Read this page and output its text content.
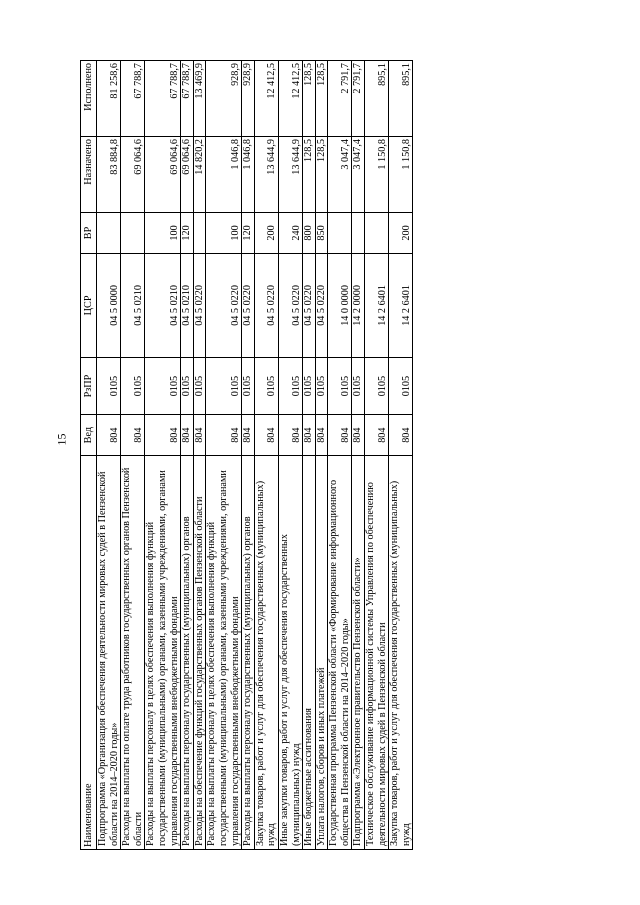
15
Наименование	Вед	РзПР	ЦСР	ВР	Назначено	Исполнено
Подпрограмма «Организация обеспечения деятельности мировых судей в Пензенской области на 2014–2020 годы»	804	0105	04 5 0000		83 884,8	81 258,6
Расходы на выплаты по оплате труда работников государственных органов Пензенской области	804	0105	04 5 0210		69 064,6	67 788,7
Расходы на выплаты персоналу в целях обеспечения выполнения функций государственными (муниципальными) органами, казенными учреждениями, органами управления государственными внебюджетными фондами	804	0105	04 5 0210	100	69 064,6	67 788,7
Расходы на выплаты персоналу государственных (муниципальных) органов	804	0105	04 5 0210	120	69 064,6	67 788,7
Расходы на обеспечение функций государственных органов Пензенской области	804	0105	04 5 0220		14 820,2	13 469,9
Расходы на выплаты персоналу в целях обеспечения выполнения функций государственными (муниципальными) органами, казенными учреждениями, органами управления государственными внебюджетными фондами	804	0105	04 5 0220	100	1 046,8	928,9
Расходы на выплаты персоналу государственных (муниципальных) органов	804	0105	04 5 0220	120	1 046,8	928,9
Закупка товаров, работ и услуг для обеспечения государственных (муниципальных) нужд	804	0105	04 5 0220	200	13 644,9	12 412,5
Иные закупки товаров, работ и услуг для обеспечения государственных (муниципальных) нужд	804	0105	04 5 0220	240	13 644,9	12 412,5
Иные бюджетные ассигнования	804	0105	04 5 0220	800	128,5	128,5
Уплата налогов, сборов и иных платежей	804	0105	04 5 0220	850	128,5	128,5
Государственная программа Пензенской области «Формирование информационного общества в Пензенской области на 2014–2020 годы»	804	0105	14 0 0000		3 047,4	2 791,7
Подпрограмма «Электронное правительство Пензенской области»	804	0105	14 2 0000		3 047,4	2 791,7
Техническое обслуживание информационной системы Управления по обеспечению деятельности мировых судей в Пензенской области	804	0105	14 2 6401		1 150,8	895,1
Закупка товаров, работ и услуг для обеспечения государственных (муниципальных) нужд	804	0105	14 2 6401	200	1 150,8	895,1
